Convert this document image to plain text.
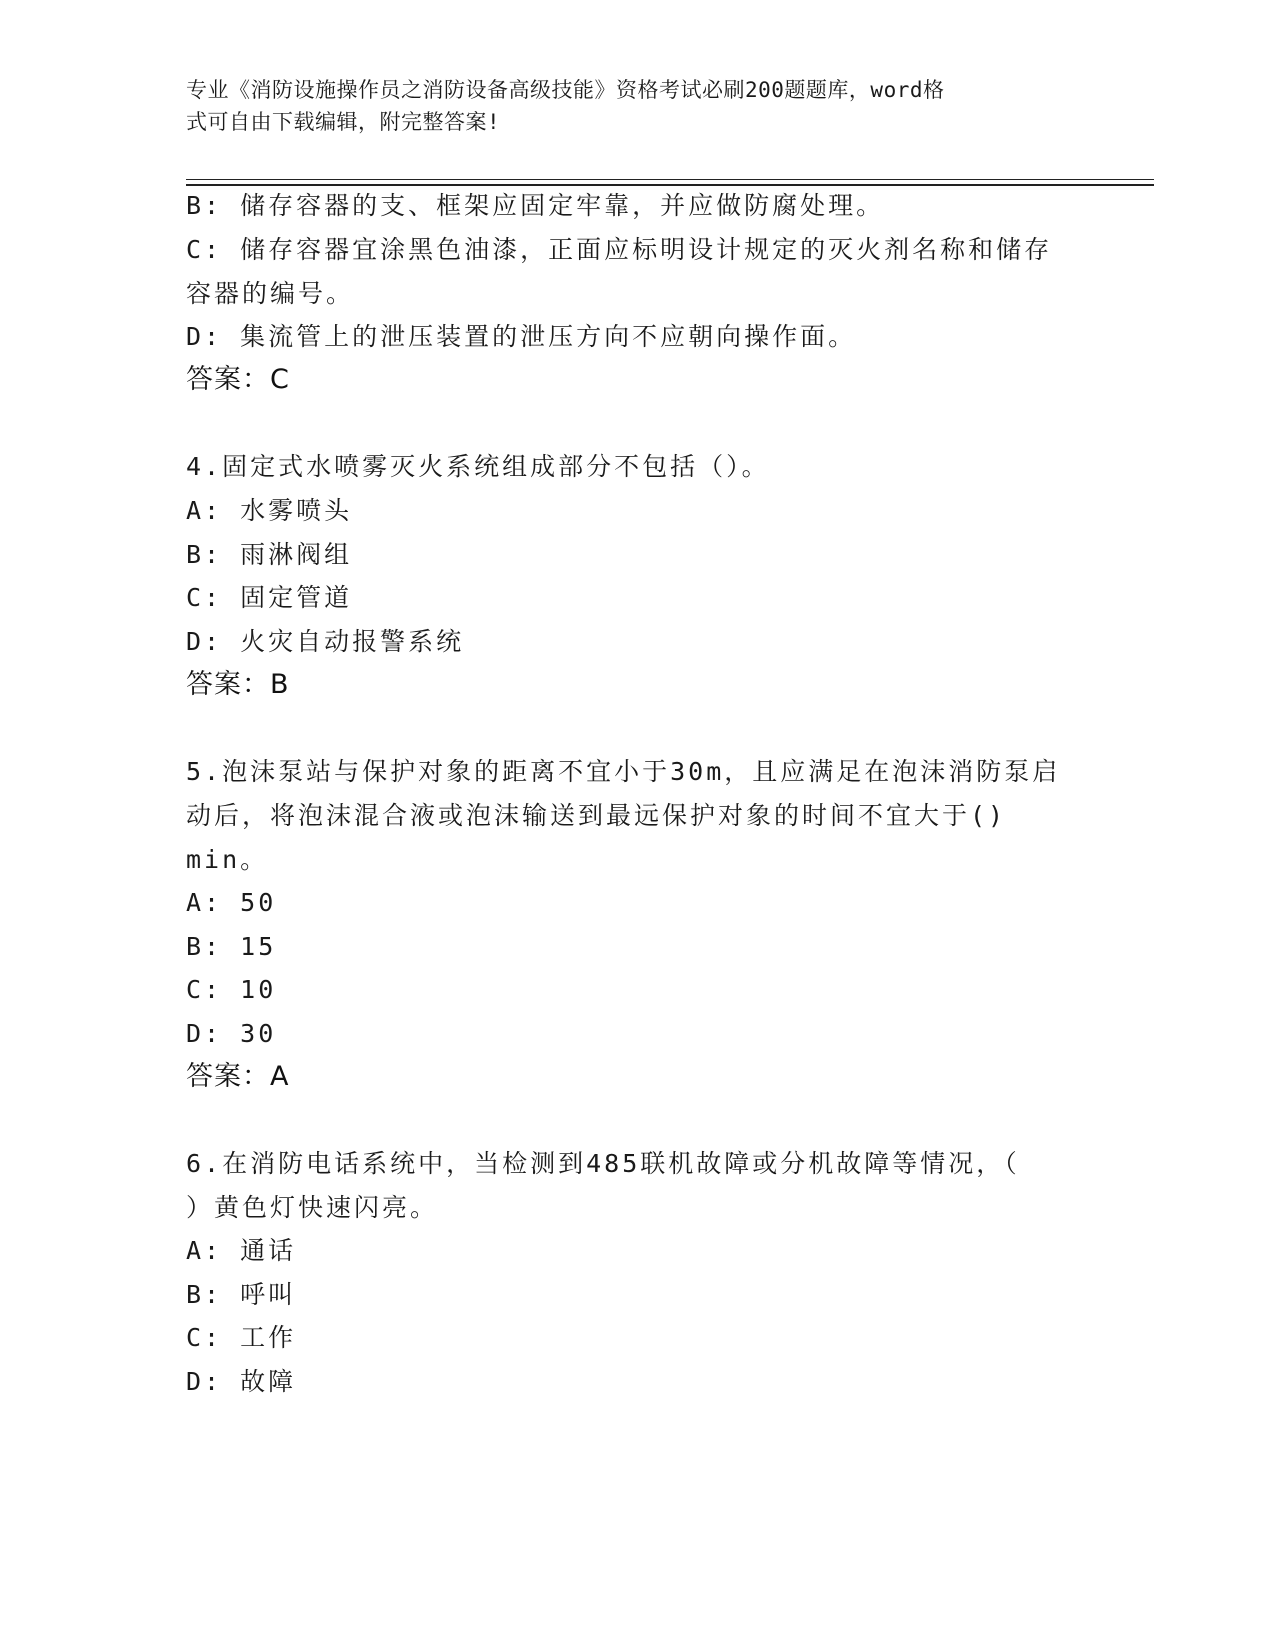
专业《消防设施操作员之消防设备高级技能》资格考试必刷200题题库，word格
式可自由下载编辑，附完整答案!
B: 储存容器的支、框架应固定牢靠，并应做防腐处理。
C: 储存容器宜涂黑色油漆，正面应标明设计规定的灭火剂名称和储存
容器的编号。
D: 集流管上的泄压装置的泄压方向不应朝向操作面。
答案：C
4.固定式水喷雾灭火系统组成部分不包括（）。
A: 水雾喷头
B: 雨淋阀组
C: 固定管道
D: 火灾自动报警系统
答案：B
5.泡沫泵站与保护对象的距离不宜小于30m，且应满足在泡沫消防泵启
动后，将泡沫混合液或泡沫输送到最远保护对象的时间不宜大于()
min。
A: 50
B: 15
C: 10
D: 30
答案：A
6.在消防电话系统中，当检测到485联机故障或分机故障等情况，（
）黄色灯快速闪亮。
A: 通话
B: 呼叫
C: 工作
D: 故障
